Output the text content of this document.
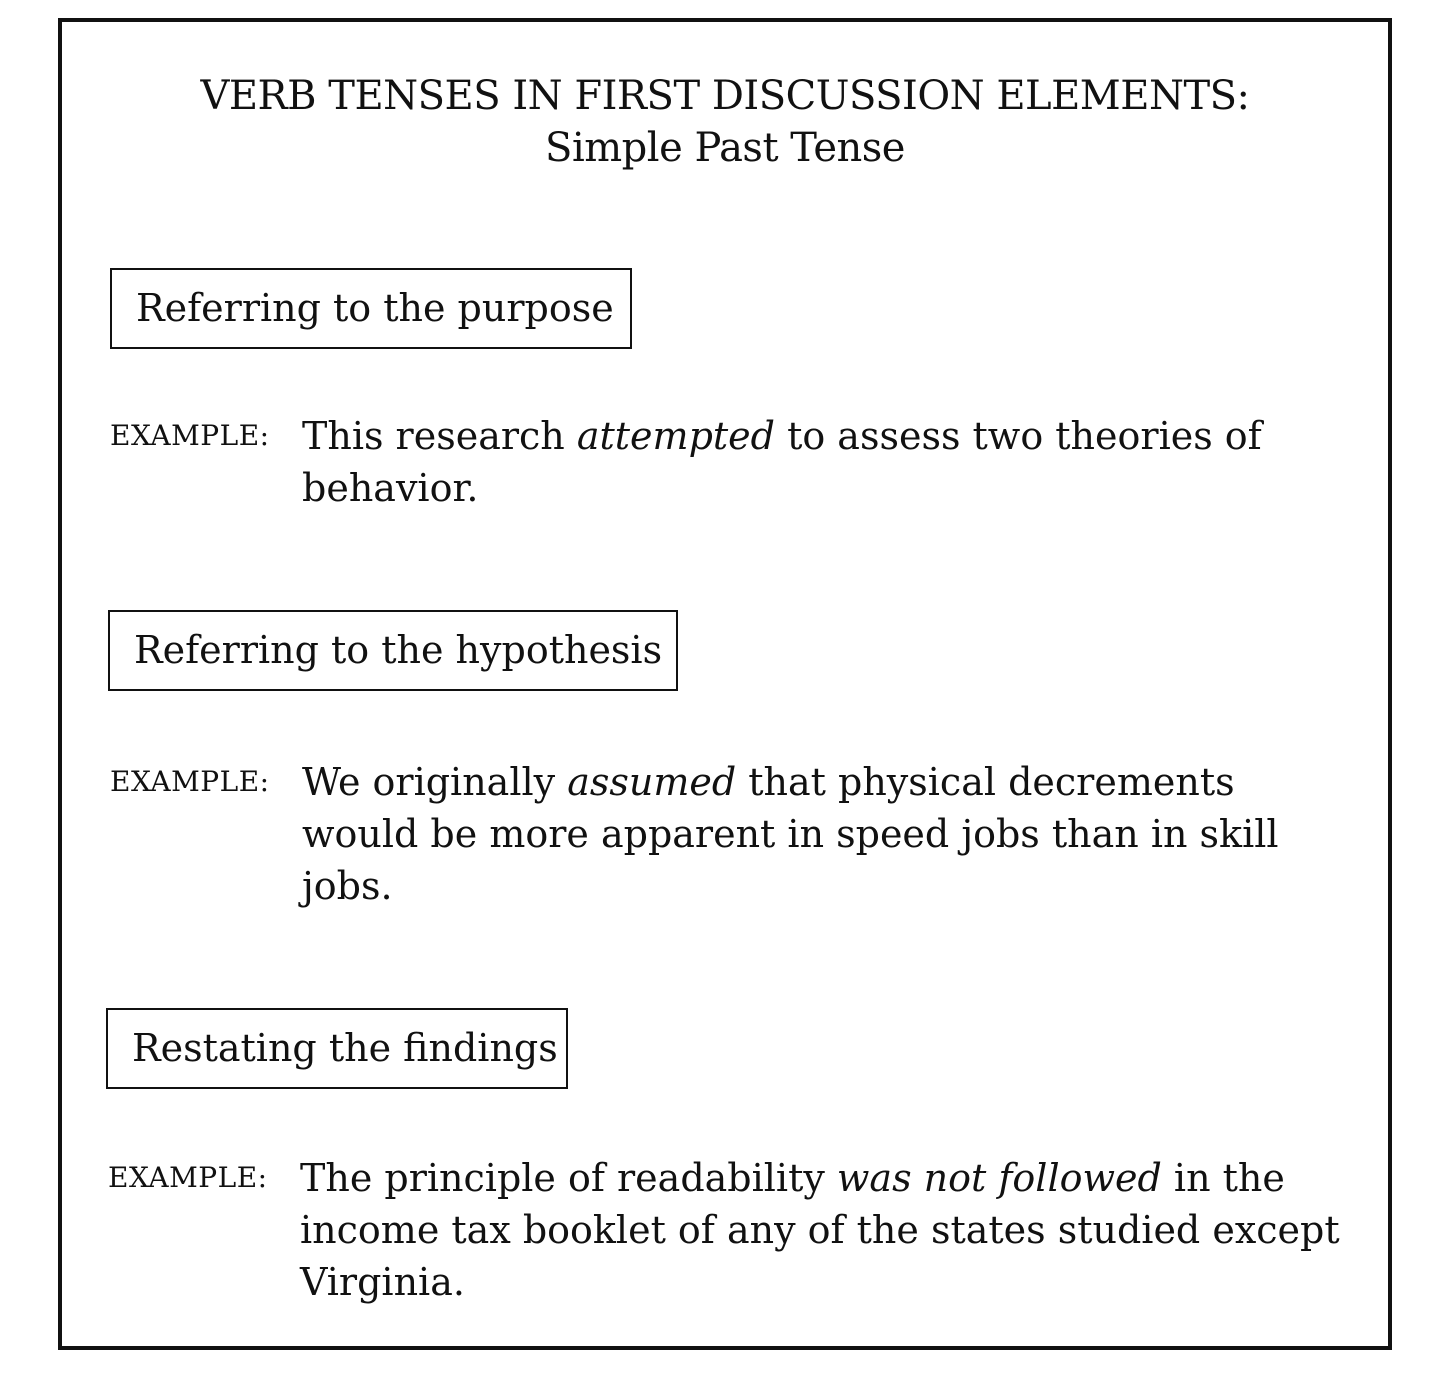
VERB TENSES IN FIRST DISCUSSION ELEMENTS:
Simple Past Tense
Referring to the purpose
EXAMPLE: This research attempted to assess two theories of
behavior.
Referring to the hypothesis
EXAMPLE: We originally assumed that physical decrements
would be more apparent in speed jobs than in skill
jobs.
Restating the findings
EXAMPLE: The principle of readability was not followed in the
income tax booklet of any of the states studied except
Virginia.
